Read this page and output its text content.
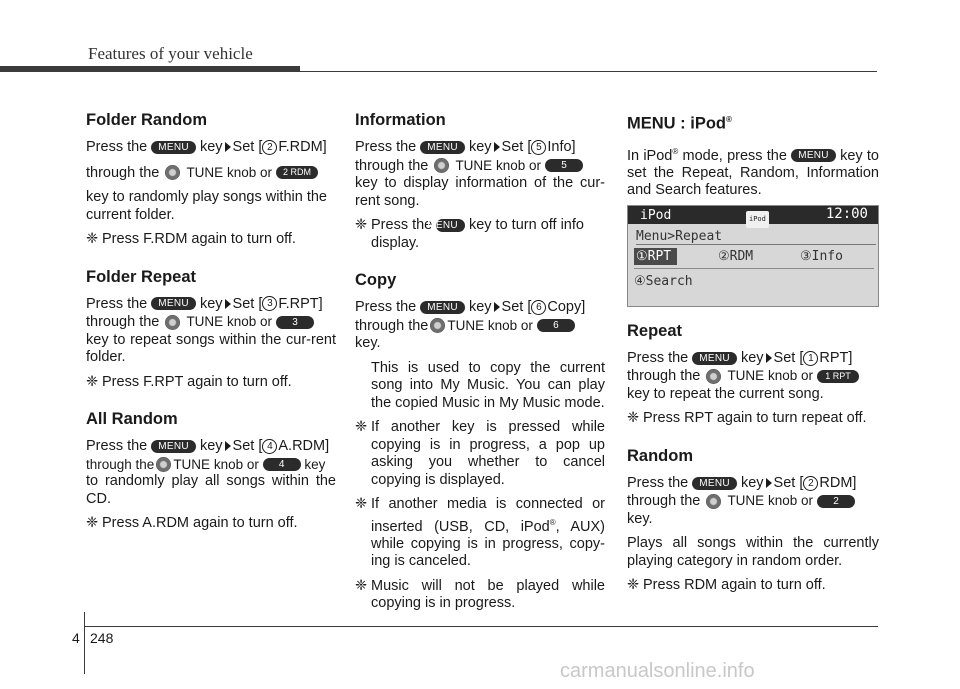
Features of your vehicle
Folder Random

Press the MENU key Set [ 2 F.RDM]

through the TUNE knob or 2 RDM

key to randomly play songs within the current folder.

❈ Press F.RDM again to turn off.

Folder Repeat

Press the MENU key Set [ 3 F.RPT]

through the TUNE knob or 3

key to repeat songs within the cur-rent folder.

❈ Press F.RPT again to turn off.

All Random

Press the MENU key Set [ 4 A.RDM]

through the TUNE knob or 4 key

to randomly play all songs within the CD.

❈ Press A.RDM again to turn off.

Information

Press the MENU key Set [ 5 Info]

through the TUNE knob or 5

key to display information of the cur-rent song.

❈ Press the MENU key to turn off info display.

Copy

Press the MENU key Set [ 6 Copy]

through the TUNE knob or 6

key.

This is used to copy the current song into My Music. You can play the copied Music in My Music mode.

❈ If another key is pressed while copying is in progress, a pop up asking you whether to cancel copying is displayed.

❈ If another media is connected or inserted (USB, CD, iPod®, AUX) while copying is in progress, copy-ing is canceled.

❈ Music will not be played while copying is in progress.

MENU : iPod®

In iPod® mode, press the MENU key to set the Repeat, Random, Information and Search features.

iPod	iPod	12:00
Menu>Repeat
①RPT	②RDM	③Info
④Search
Repeat

Press the MENU key Set [ 1 RPT]

through the TUNE knob or 1 RPT

key to repeat the current song.

❈ Press RPT again to turn repeat off.

Random

Press the MENU key Set [ 2 RDM]

through the TUNE knob or 2

key.

Plays all songs within the currently playing category in random order.

❈ Press RDM again to turn off.

4 248
carmanualsonline.info
